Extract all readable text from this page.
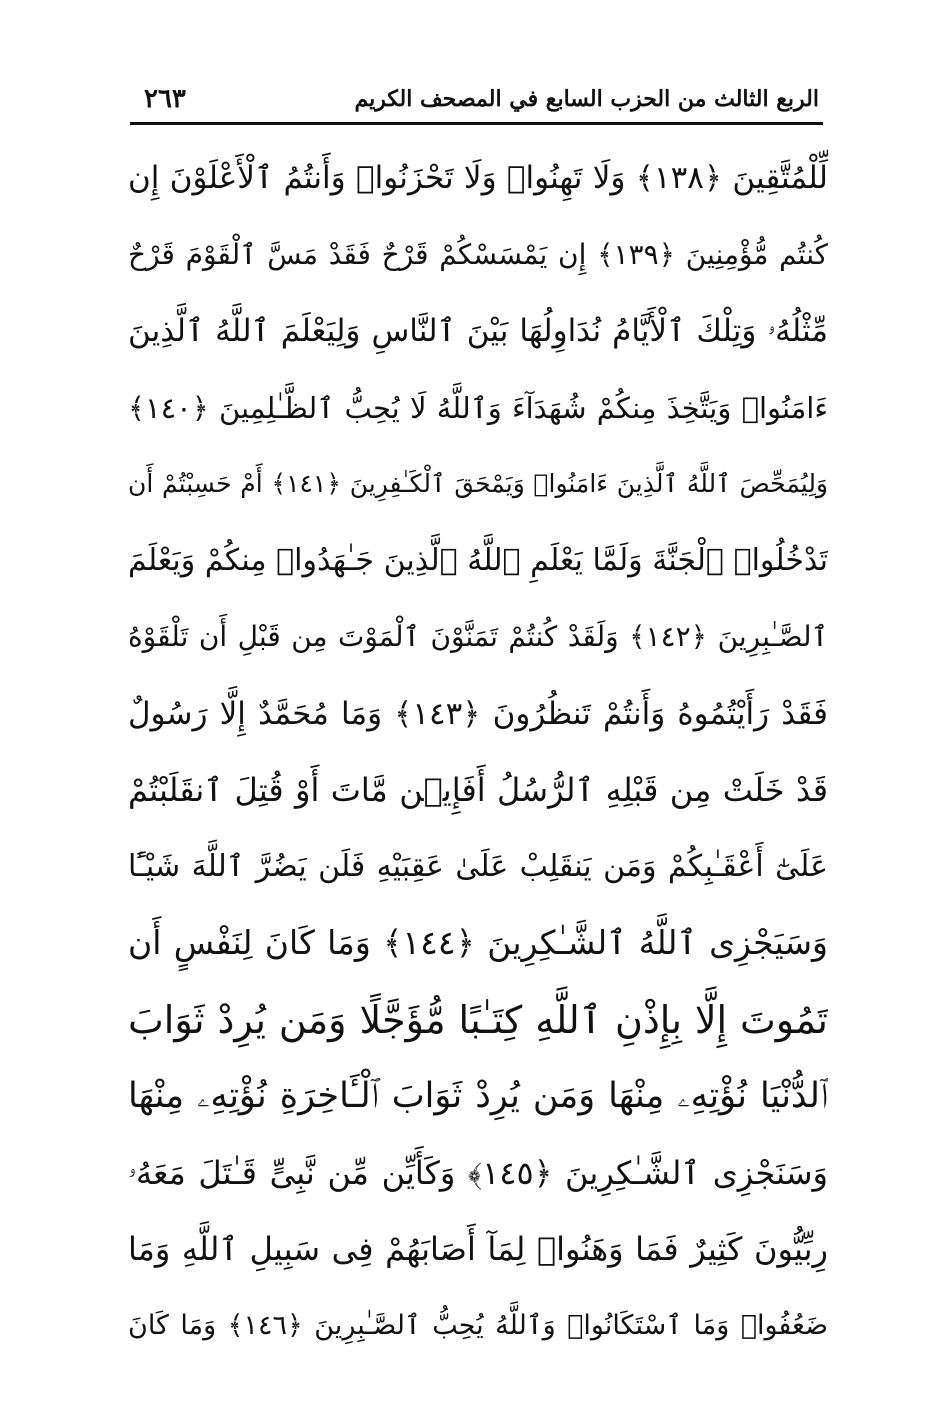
الربع الثالث من الحزب السابع في المصحف الكريم
٢٦٣
لِّلْمُتَّقِينَ ﴿١٣٨﴾ وَلَا تَهِنُوا۟ وَلَا تَحْزَنُوا۟ وَأَنتُمُ ٱلْأَعْلَوْنَ إِن
كُنتُم مُّؤْمِنِينَ ﴿١٣٩﴾ إِن يَمْسَسْكُمْ قَرْحٌ فَقَدْ مَسَّ ٱلْقَوْمَ قَرْحٌ
مِّثْلُهُۥ وَتِلْكَ ٱلْأَيَّامُ نُدَاوِلُهَا بَيْنَ ٱلنَّاسِ وَلِيَعْلَمَ ٱللَّهُ ٱلَّذِينَ
ءَامَنُوا۟ وَيَتَّخِذَ مِنكُمْ شُهَدَآءَ وَٱللَّهُ لَا يُحِبُّ ٱلظَّـٰلِمِينَ ﴿١٤٠﴾
وَلِيُمَحِّصَ ٱللَّهُ ٱلَّذِينَ ءَامَنُوا۟ وَيَمْحَقَ ٱلْكَـٰفِرِينَ ﴿١٤١﴾ أَمْ حَسِبْتُمْ أَن
تَدْخُلُوا۟ ٱلْجَنَّةَ وَلَمَّا يَعْلَمِ ٱللَّهُ ٱلَّذِينَ جَـٰهَدُوا۟ مِنكُمْ وَيَعْلَمَ
ٱلصَّـٰبِرِينَ ﴿١٤٢﴾ وَلَقَدْ كُنتُمْ تَمَنَّوْنَ ٱلْمَوْتَ مِن قَبْلِ أَن تَلْقَوْهُ
فَقَدْ رَأَيْتُمُوهُ وَأَنتُمْ تَنظُرُونَ ﴿١٤٣﴾ وَمَا مُحَمَّدٌ إِلَّا رَسُولٌ
قَدْ خَلَتْ مِن قَبْلِهِ ٱلرُّسُلُ أَفَإِي۟ن مَّاتَ أَوْ قُتِلَ ٱنقَلَبْتُمْ
عَلَىٰٓ أَعْقَـٰبِكُمْ وَمَن يَنقَلِبْ عَلَىٰ عَقِبَيْهِ فَلَن يَضُرَّ ٱللَّهَ شَيْـًٔا
وَسَيَجْزِى ٱللَّهُ ٱلشَّـٰكِرِينَ ﴿١٤٤﴾ وَمَا كَانَ لِنَفْسٍ أَن
تَمُوتَ إِلَّا بِإِذْنِ ٱللَّهِ كِتَـٰبًا مُّؤَجَّلًا وَمَن يُرِدْ ثَوَابَ
ٱلدُّنْيَا نُؤْتِهِۦ مِنْهَا وَمَن يُرِدْ ثَوَابَ ٱلْـَٔاخِرَةِ نُؤْتِهِۦ مِنْهَا
وَسَنَجْزِى ٱلشَّـٰكِرِينَ ﴿١٤٥﴾ وَكَأَيِّن مِّن نَّبِىٍّ قَـٰتَلَ مَعَهُۥ
رِبِّيُّونَ كَثِيرٌ فَمَا وَهَنُوا۟ لِمَآ أَصَابَهُمْ فِى سَبِيلِ ٱللَّهِ وَمَا
ضَعُفُوا۟ وَمَا ٱسْتَكَانُوا۟ وَٱللَّهُ يُحِبُّ ٱلصَّـٰبِرِينَ ﴿١٤٦﴾ وَمَا كَانَ
